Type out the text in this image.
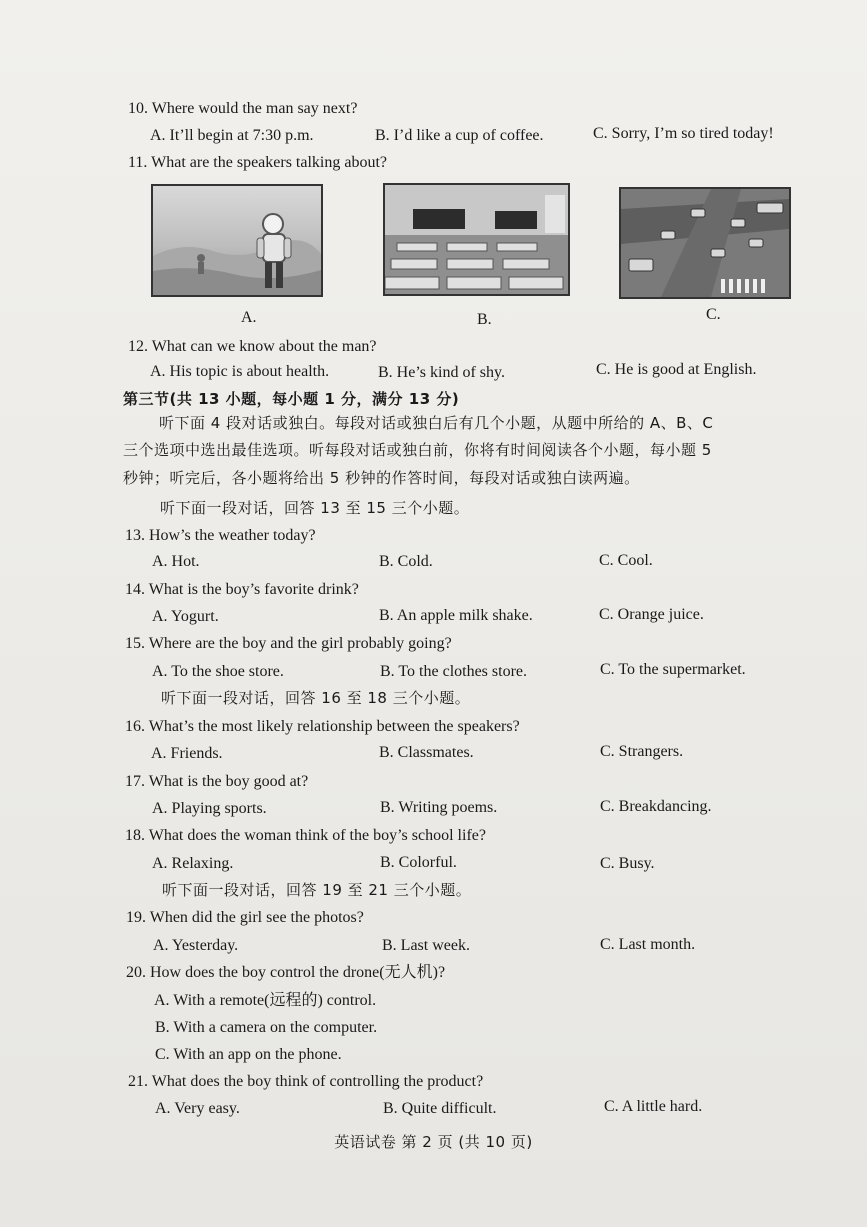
10. Where would the man say next?
A. It’ll begin at 7:30 p.m.	B. I’d like a cup of coffee.	C. Sorry, I’m so tired today!
11. What are the speakers talking about?
A.	B.	C.
12. What can we know about the man?
A. His topic is about health.	B. He’s kind of shy.	C. He is good at English.
第三节(共 13 小题，每小题 1 分，满分 13 分)
听下面 4 段对话或独白。每段对话或独白后有几个小题，从题中所给的 A、B、C
三个选项中选出最佳选项。听每段对话或独白前，你将有时间阅读各个小题，每小题 5
秒钟；听完后，各小题将给出 5 秒钟的作答时间，每段对话或独白读两遍。
听下面一段对话，回答 13 至 15 三个小题。
13. How’s the weather today?
A. Hot.	B. Cold.	C. Cool.
14. What is the boy’s favorite drink?
A. Yogurt.	B. An apple milk shake.	C. Orange juice.
15. Where are the boy and the girl probably going?
A. To the shoe store.	B. To the clothes store.	C. To the supermarket.
听下面一段对话，回答 16 至 18 三个小题。
16. What’s the most likely relationship between the speakers?
A. Friends.	B. Classmates.	C. Strangers.
17. What is the boy good at?
A. Playing sports.	B. Writing poems.	C. Breakdancing.
18. What does the woman think of the boy’s school life?
A. Relaxing.	B. Colorful.	C. Busy.
听下面一段对话，回答 19 至 21 三个小题。
19. When did the girl see the photos?
A. Yesterday.	B. Last week.	C. Last month.
20. How does the boy control the drone(无人机)?
A. With a remote(远程的) control.
B. With a camera on the computer.
C. With an app on the phone.
21. What does the boy think of controlling the product?
A. Very easy.	B. Quite difficult.	C. A little hard.
英语试卷 第 2 页 (共 10 页)
